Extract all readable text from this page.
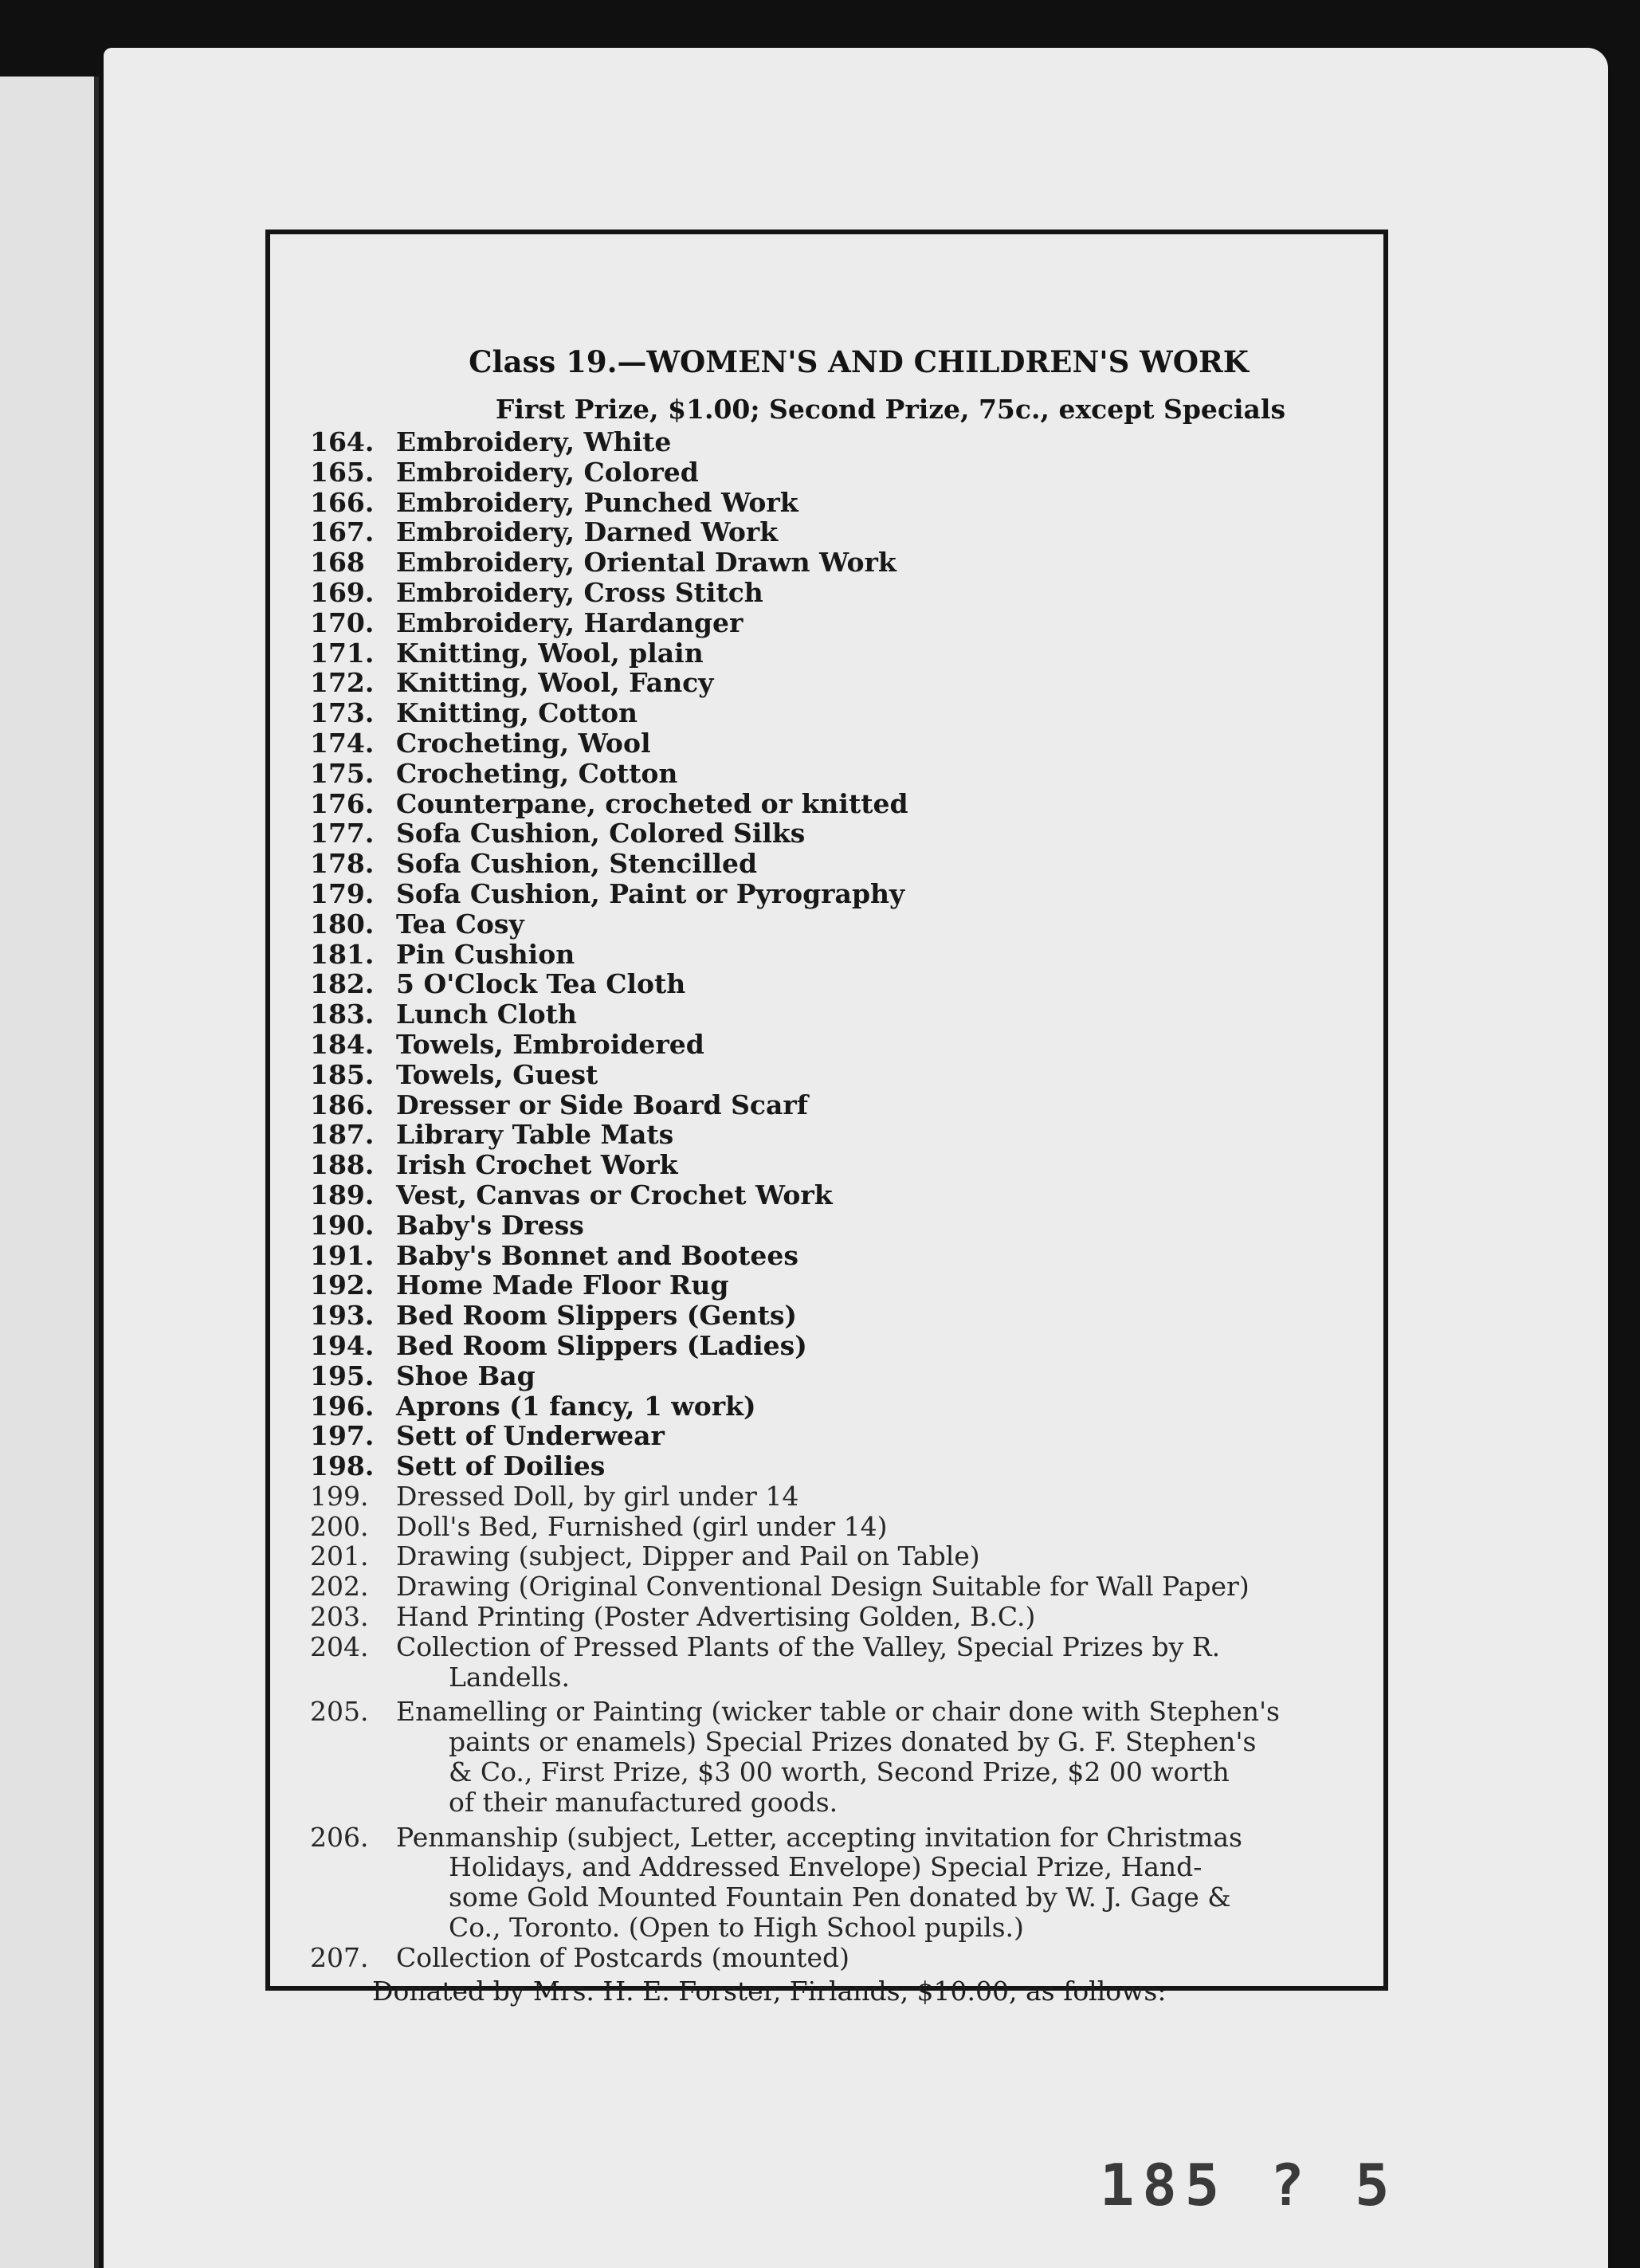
Class 19.—WOMEN'S AND CHILDREN'S WORK
First Prize, $1.00; Second Prize, 75c., except Specials
164. Embroidery, White
165. Embroidery, Colored
166. Embroidery, Punched Work
167. Embroidery, Darned Work
168	Embroidery, Oriental Drawn Work
169. Embroidery, Cross Stitch
170. Embroidery, Hardanger
171. Knitting, Wool, plain
172. Knitting, Wool, Fancy
173. Knitting, Cotton
174. Crocheting, Wool
175. Crocheting, Cotton
176. Counterpane, crocheted or knitted
177. Sofa Cushion, Colored Silks
178. Sofa Cushion, Stencilled
179. Sofa Cushion, Paint or Pyrography
180. Tea Cosy
181. Pin Cushion
182. 5 O'Clock Tea Cloth
183. Lunch Cloth
184. Towels, Embroidered
185. Towels, Guest
186. Dresser or Side Board Scarf
187. Library Table Mats
188. Irish Crochet Work
189. Vest, Canvas or Crochet Work
190. Baby's Dress
191. Baby's Bonnet and Bootees
192. Home Made Floor Rug
193. Bed Room Slippers (Gents)
194. Bed Room Slippers (Ladies)
195. Shoe Bag
196. Aprons (1 fancy, 1 work)
197. Sett of Underwear
198. Sett of Doilies
199.	Dressed Doll, by girl under 14
200.	Doll's Bed, Furnished (girl under 14)
201.	Drawing (subject, Dipper and Pail on Table)
202.	Drawing (Original Conventional Design Suitable for Wall Paper)
203.	Hand Printing (Poster Advertising Golden, B.C.)
204.	Collection of Pressed Plants of the Valley, Special Prizes by R.
Landells.
205.	Enamelling or Painting (wicker table or chair done with Stephen's
paints or enamels) Special Prizes donated by G. F. Stephen's
& Co., First Prize, $3 00 worth, Second Prize, $2 00 worth
of their manufactured goods.
206.	Penmanship (subject, Letter, accepting invitation for Christmas
Holidays, and Addressed Envelope) Special Prize, Hand-
some Gold Mounted Fountain Pen donated by W. J. Gage &
Co., Toronto. (Open to High School pupils.)
207.	Collection of Postcards (mounted)
Donated by Mrs. H. E. Forster, Firlands, $10.00, as follows:
185 ? 5
